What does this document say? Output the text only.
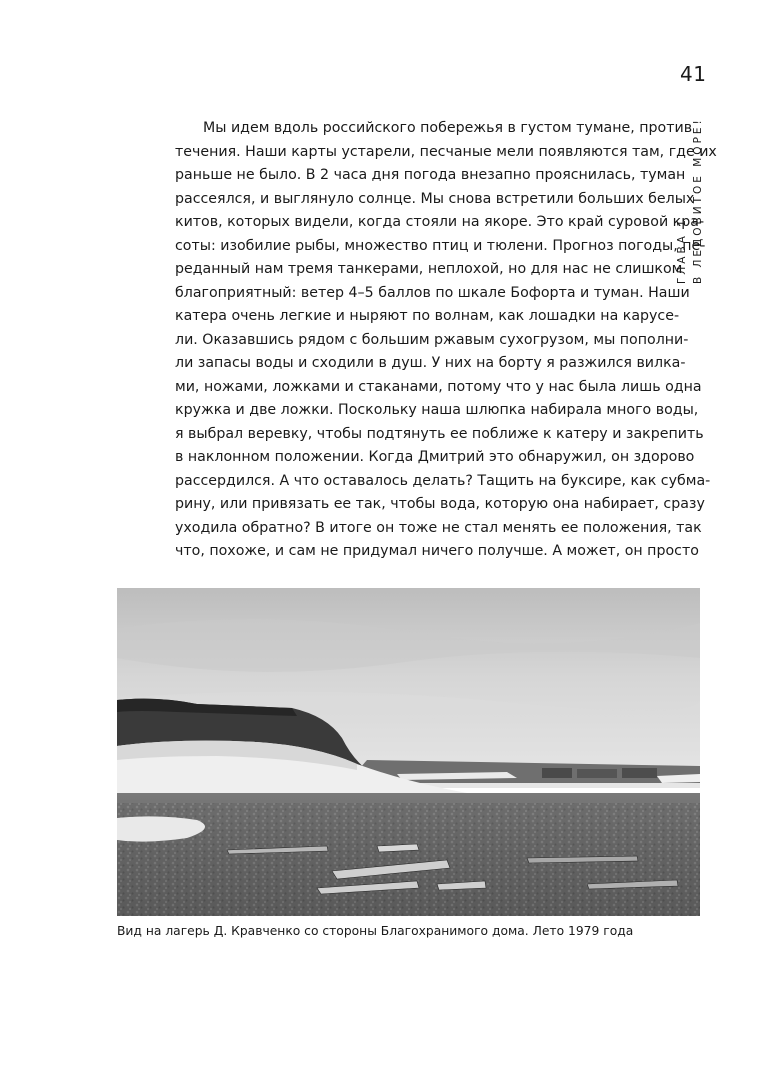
41
ГЛАВА 1 В ЛЕДОВИТОЕ МОРЕ!
Мы идем вдоль российского побережья в густом тумане, против
течения. Наши карты устарели, песчаные мели появляются там, где их
раньше не было. В 2 часа дня погода внезапно прояснилась, туман
рассеялся, и выглянуло солнце. Мы снова встретили больших белых
китов, которых видели, когда стояли на якоре. Это край суровой кра-
соты: изобилие рыбы, множество птиц и тюлени. Прогноз погоды, пе-
реданный нам тремя танкерами, неплохой, но для нас не слишком
благоприятный: ветер 4–5 баллов по шкале Бофорта и туман. Наши
катера очень легкие и ныряют по волнам, как лошадки на карусе-
ли. Оказавшись рядом с большим ржавым сухогрузом, мы пополни-
ли запасы воды и сходили в душ. У них на борту я разжился вилка-
ми, ножами, ложками и стаканами, потому что у нас была лишь одна
кружка и две ложки. Поскольку наша шлюпка набирала много воды,
я выбрал веревку, чтобы подтянуть ее поближе к катеру и закрепить
в наклонном положении. Когда Дмитрий это обнаружил, он здорово
рассердился. А что оставалось делать? Тащить на буксире, как субма-
рину, или привязать ее так, чтобы вода, которую она набирает, сразу
уходила обратно? В итоге он тоже не стал менять ее положения, так
что, похоже, и сам не придумал ничего получше. А может, он просто
Вид на лагерь Д. Кравченко со стороны Благохранимого дома. Лето 1979 года
